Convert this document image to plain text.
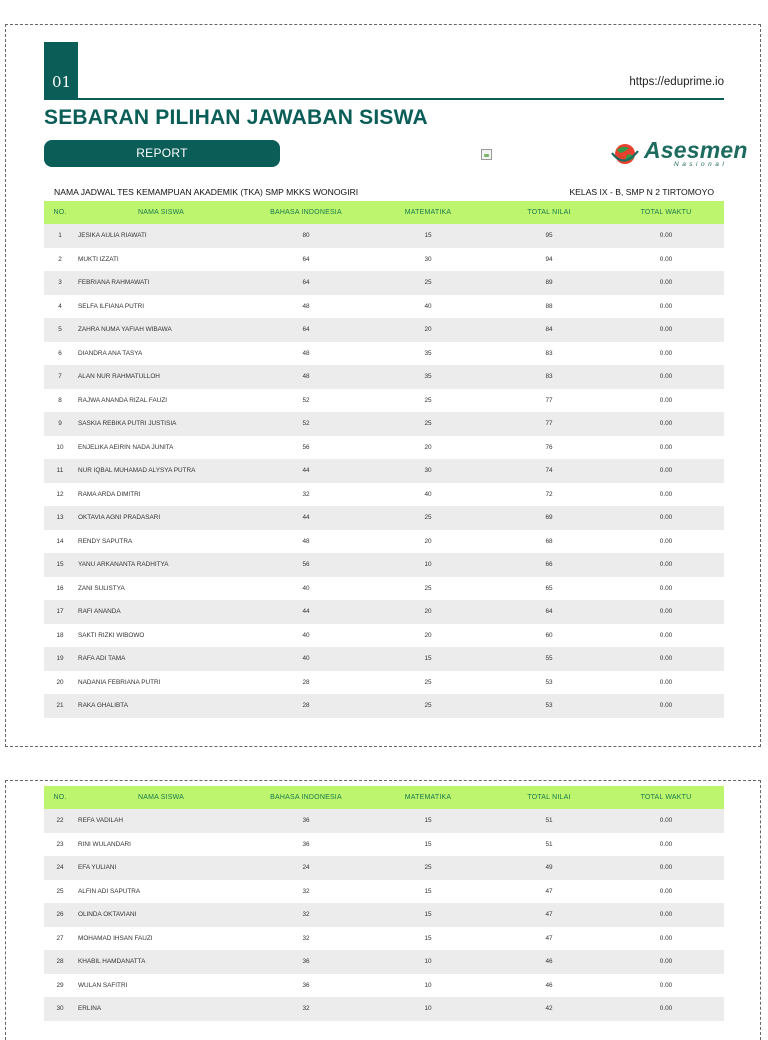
01	https://eduprime.io
SEBARAN PILIHAN JAWABAN SISWA
REPORT	Asesmen
Nasional
NAMA JADWAL TES KEMAMPUAN AKADEMIK (TKA) SMP MKKS WONOGIRI	KELAS IX - B, SMP N 2 TIRTOMOYO
NO.	NAMA SISWA	BAHASA INDONESIA	MATEMATIKA	TOTAL NILAI	TOTAL WAKTU
1	JESIKA AULIA RIAWATI	80	15	95	0.00
2	MUKTI IZZATI	64	30	94	0.00
3	FEBRIANA RAHMAWATI	64	25	89	0.00
4	SELFA ILFIANA PUTRI	48	40	88	0.00
5	ZAHRA NUMA YAFIAH WIBAWA	64	20	84	0.00
6	DIANDRA ANA TASYA	48	35	83	0.00
7	ALAN NUR RAHMATULLOH	48	35	83	0.00
8	RAJWA ANANDA RIZAL FAUZI	52	25	77	0.00
9	SASKIA REBIKA PUTRI JUSTISIA	52	25	77	0.00
10	ENJELIKA AEIRIN NADA JUNITA	56	20	76	0.00
11	NUR IQBAL MUHAMAD ALYSYA PUTRA	44	30	74	0.00
12	RAMA ARDA DIMITRI	32	40	72	0.00
13	OKTAVIA AGNI PRADASARI	44	25	69	0.00
14	RENDY SAPUTRA	48	20	68	0.00
15	YANU ARKANANTA RADHITYA	56	10	66	0.00
16	ZANI SULISTYA	40	25	65	0.00
17	RAFI ANANDA	44	20	64	0.00
18	SAKTI RIZKI WIBOWO	40	20	60	0.00
19	RAFA ADI TAMA	40	15	55	0.00
20	NADANIA FEBRIANA PUTRI	28	25	53	0.00
21	RAKA GHALIBTA	28	25	53	0.00
NO.	NAMA SISWA	BAHASA INDONESIA	MATEMATIKA	TOTAL NILAI	TOTAL WAKTU
22	REFA VADILAH	36	15	51	0.00
23	RINI WULANDARI	36	15	51	0.00
24	EFA YULIANI	24	25	49	0.00
25	ALFIN ADI SAPUTRA	32	15	47	0.00
26	OLINDA OKTAVIANI	32	15	47	0.00
27	MOHAMAD IHSAN FAUZI	32	15	47	0.00
28	KHABIL HAMDANATTA	36	10	46	0.00
29	WULAN SAFITRI	36	10	46	0.00
30	ERLINA	32	10	42	0.00
